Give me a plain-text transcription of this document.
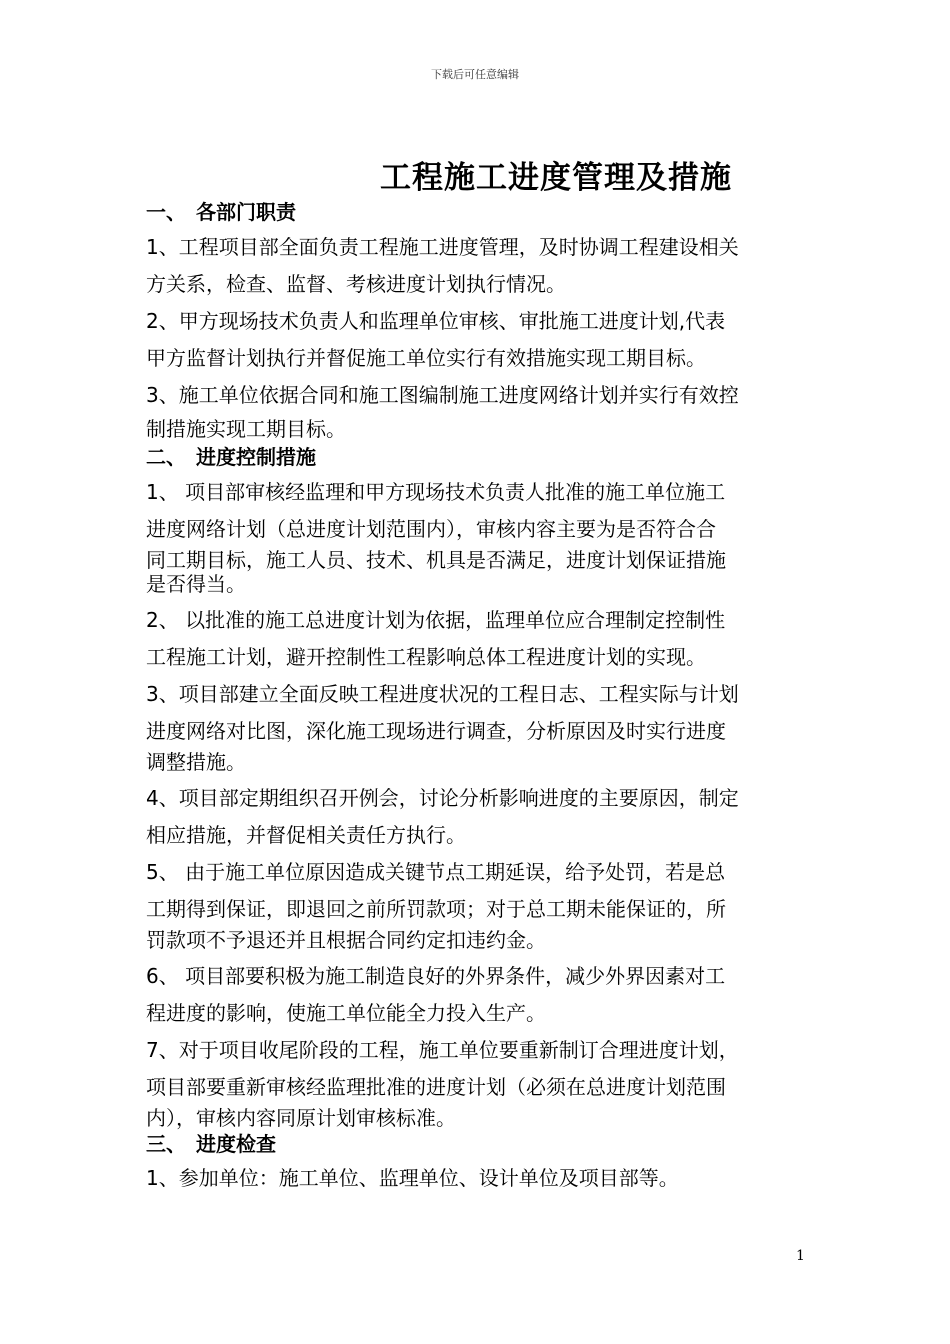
下载后可任意编辑
工程施工进度管理及措施
一、 各部门职责
1、工程项目部全面负责工程施工进度管理，及时协调工程建设相关
方关系，检查、监督、考核进度计划执行情况。
2、甲方现场技术负责人和监理单位审核、审批施工进度计划,代表
甲方监督计划执行并督促施工单位实行有效措施实现工期目标。
3、施工单位依据合同和施工图编制施工进度网络计划并实行有效控
制措施实现工期目标。
二、 进度控制措施
1、 项目部审核经监理和甲方现场技术负责人批准的施工单位施工
进度网络计划（总进度计划范围内），审核内容主要为是否符合合
同工期目标，施工人员、技术、机具是否满足，进度计划保证措施
是否得当。
2、 以批准的施工总进度计划为依据，监理单位应合理制定控制性
工程施工计划，避开控制性工程影响总体工程进度计划的实现。
3、项目部建立全面反映工程进度状况的工程日志、工程实际与计划
进度网络对比图，深化施工现场进行调查，分析原因及时实行进度
调整措施。
4、项目部定期组织召开例会，讨论分析影响进度的主要原因，制定
相应措施，并督促相关责任方执行。
5、 由于施工单位原因造成关键节点工期延误，给予处罚，若是总
工期得到保证，即退回之前所罚款项；对于总工期未能保证的，所
罚款项不予退还并且根据合同约定扣违约金。
6、 项目部要积极为施工制造良好的外界条件，减少外界因素对工
程进度的影响，使施工单位能全力投入生产。
7、对于项目收尾阶段的工程，施工单位要重新制订合理进度计划，
项目部要重新审核经监理批准的进度计划（必须在总进度计划范围
内），审核内容同原计划审核标准。
三、 进度检查
1、参加单位：施工单位、监理单位、设计单位及项目部等。
1
